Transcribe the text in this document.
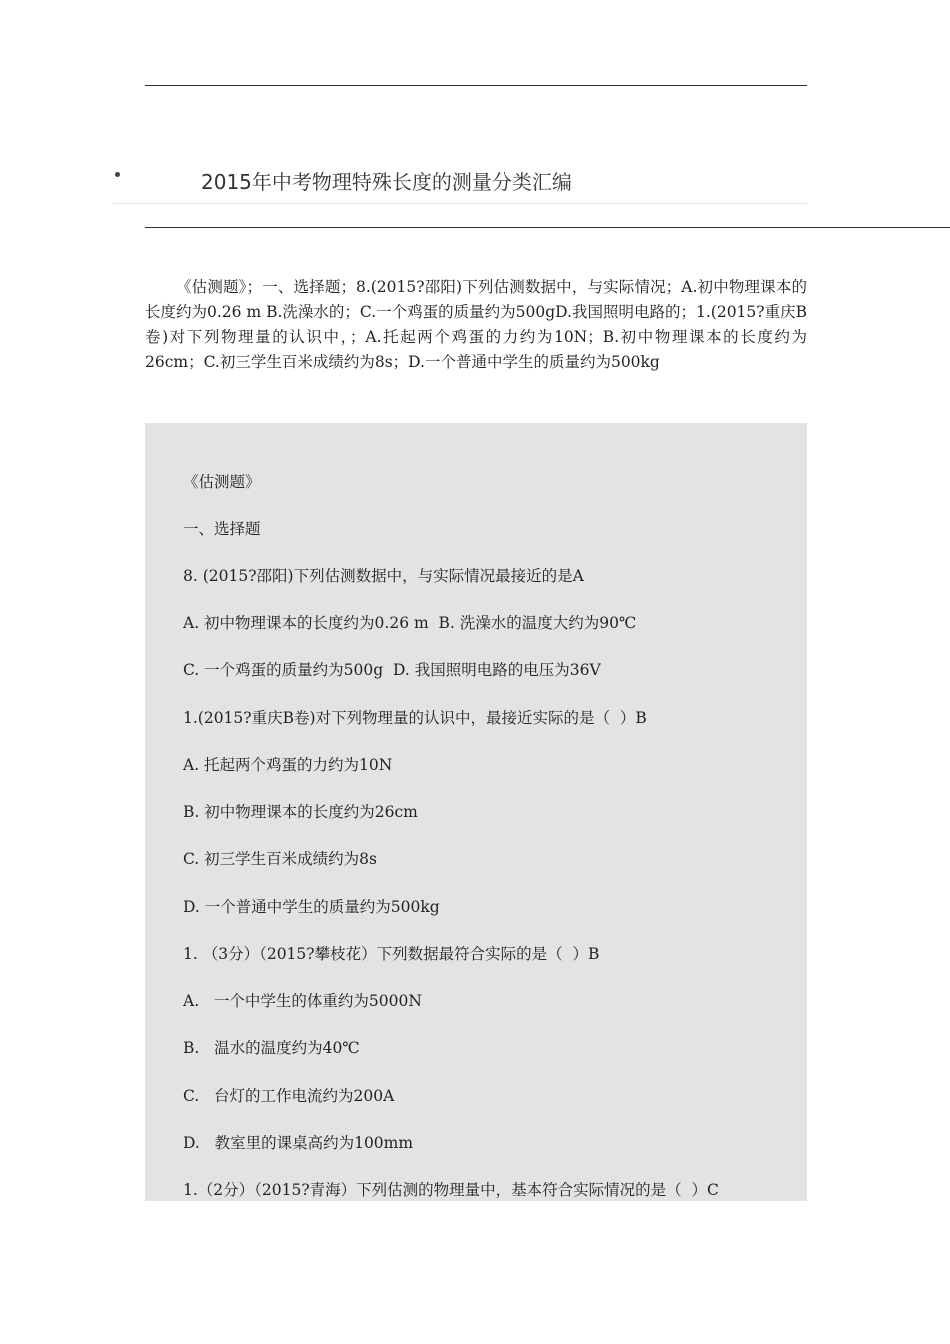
2015年中考物理特殊长度的测量分类汇编

《估测题》；一、选择题；8.(2015?邵阳)下列估测数据中，与实际情况；A.初中物理课本的长度约为0.26 m B.洗澡水的；C.一个鸡蛋的质量约为500gD.我国照明电路的；1.(2015?重庆B卷)对下列物理量的认识中，；A.托起两个鸡蛋的力约为10N；B.初中物理课本的长度约为26cm；C.初三学生百米成绩约为8s；D.一个普通中学生的质量约为500kg

《估测题》

一、选择题

8. (2015?邵阳)下列估测数据中，与实际情况最接近的是A

A. 初中物理课本的长度约为0.26 m  B. 洗澡水的温度大约为90℃

C. 一个鸡蛋的质量约为500g  D. 我国照明电路的电压为36V

1.(2015?重庆B卷)对下列物理量的认识中，最接近实际的是（  ）B

A. 托起两个鸡蛋的力约为10N

B. 初中物理课本的长度约为26cm

C. 初三学生百米成绩约为8s

D. 一个普通中学生的质量约为500kg

1. （3分）（2015?攀枝花）下列数据最符合实际的是（  ）B

A.   一个中学生的体重约为5000N

B.   温水的温度约为40℃

C.   台灯的工作电流约为200A

D.   教室里的课桌高约为100mm

1.（2分）（2015?青海）下列估测的物理量中，基本符合实际情况的是（  ）C
